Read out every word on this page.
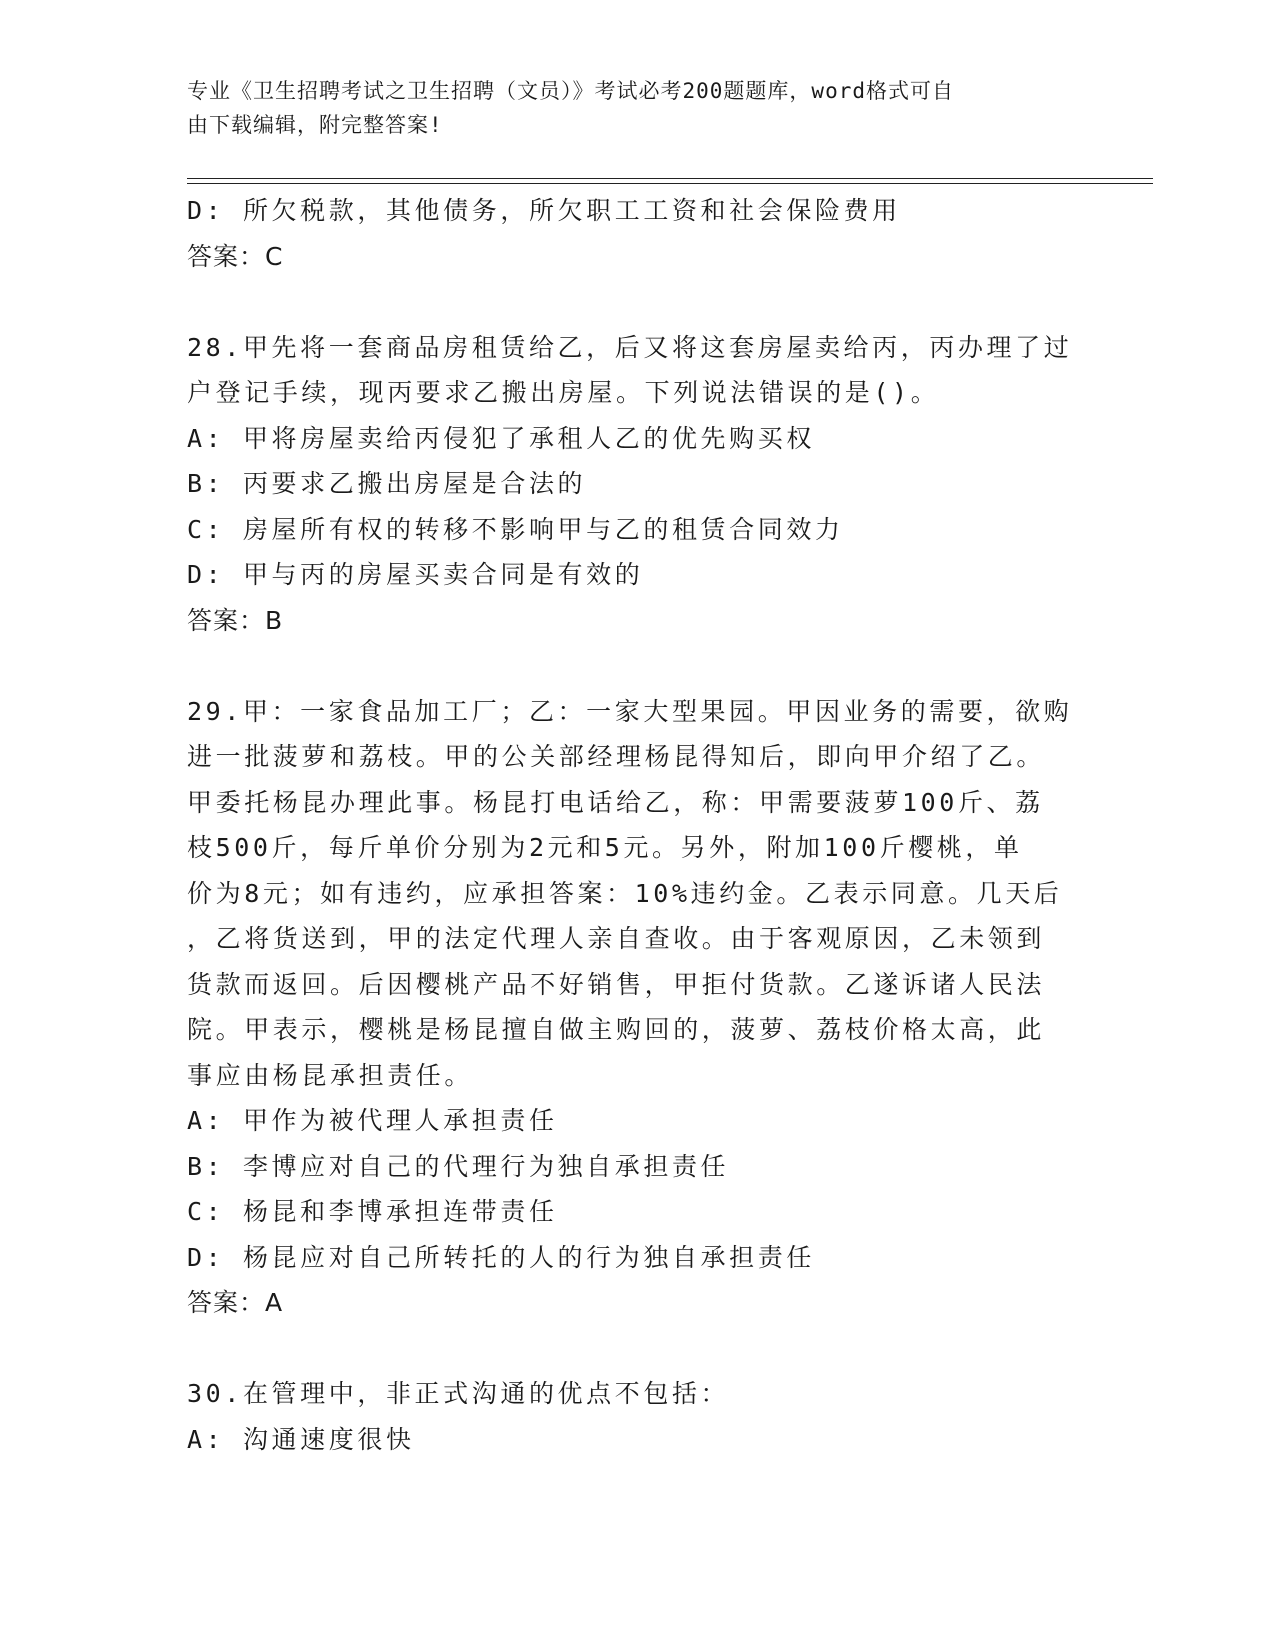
专业《卫生招聘考试之卫生招聘（文员）》考试必考200题题库，word格式可自
由下载编辑，附完整答案!
D: 所欠税款，其他债务，所欠职工工资和社会保险费用
答案：C
28.甲先将一套商品房租赁给乙，后又将这套房屋卖给丙，丙办理了过
户登记手续，现丙要求乙搬出房屋。下列说法错误的是()。
A: 甲将房屋卖给丙侵犯了承租人乙的优先购买权
B: 丙要求乙搬出房屋是合法的
C: 房屋所有权的转移不影响甲与乙的租赁合同效力
D: 甲与丙的房屋买卖合同是有效的
答案：B
29.甲：一家食品加工厂；乙：一家大型果园。甲因业务的需要，欲购
进一批菠萝和荔枝。甲的公关部经理杨昆得知后，即向甲介绍了乙。
甲委托杨昆办理此事。杨昆打电话给乙，称：甲需要菠萝100斤、荔
枝500斤，每斤单价分别为2元和5元。另外，附加100斤樱桃，单
价为8元；如有违约，应承担答案：10%违约金。乙表示同意。几天后
，乙将货送到，甲的法定代理人亲自查收。由于客观原因，乙未领到
货款而返回。后因樱桃产品不好销售，甲拒付货款。乙遂诉诸人民法
院。甲表示，樱桃是杨昆擅自做主购回的，菠萝、荔枝价格太高，此
事应由杨昆承担责任。
A: 甲作为被代理人承担责任
B: 李博应对自己的代理行为独自承担责任
C: 杨昆和李博承担连带责任
D: 杨昆应对自己所转托的人的行为独自承担责任
答案：A
30.在管理中，非正式沟通的优点不包括：
A: 沟通速度很快
